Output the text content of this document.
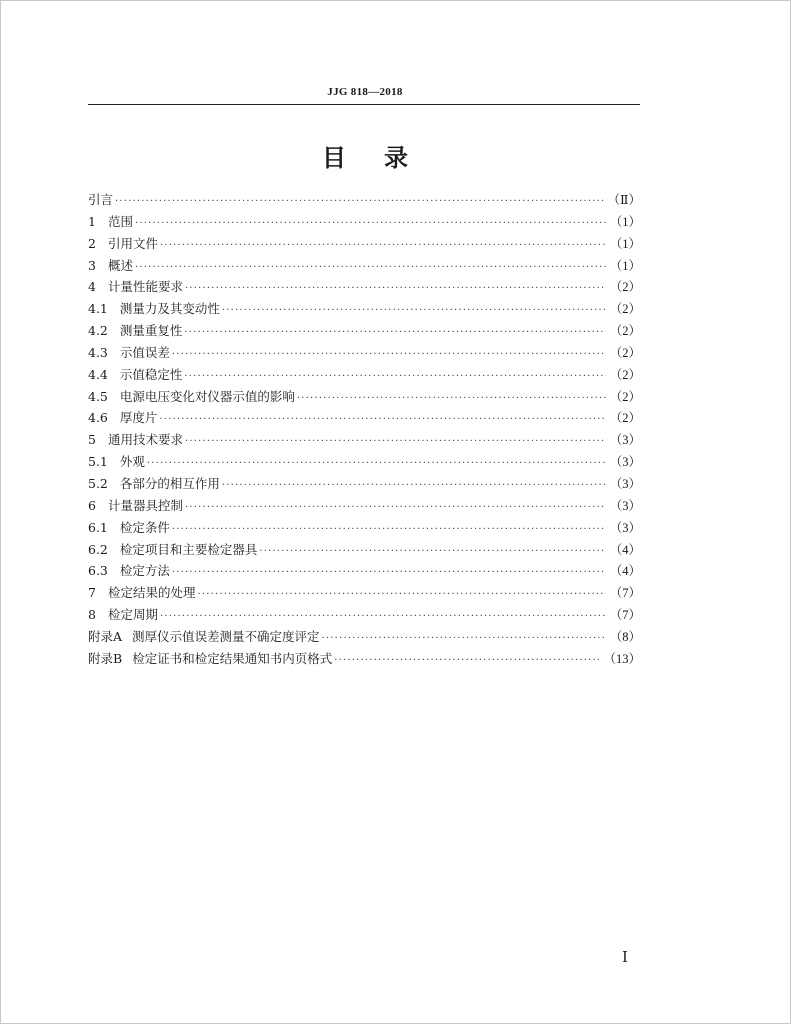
JJG 818—2018
目录
引言 ·····	（Ⅱ）
1 范围 ·····	（1）
2 引用文件 ·····	（1）
3 概述 ·····	（1）
4 计量性能要求 ·····	（2）
4.1 测量力及其变动性 ·····	（2）
4.2 测量重复性 ·····	（2）
4.3 示值误差 ·····	（2）
4.4 示值稳定性 ·····	（2）
4.5 电源电压变化对仪器示值的影响 ·····	（2）
4.6 厚度片 ·····	（2）
5 通用技术要求 ·····	（3）
5.1 外观 ·····	（3）
5.2 各部分的相互作用 ·····	（3）
6 计量器具控制 ·····	（3）
6.1 检定条件 ·····	（3）
6.2 检定项目和主要检定器具 ·····	（4）
6.3 检定方法 ·····	（4）
7 检定结果的处理 ·····	（7）
8 检定周期 ·····	（7）
附录A 测厚仪示值误差测量不确定度评定 ·····	（8）
附录B 检定证书和检定结果通知书内页格式 ·····	（13）
Ⅰ
